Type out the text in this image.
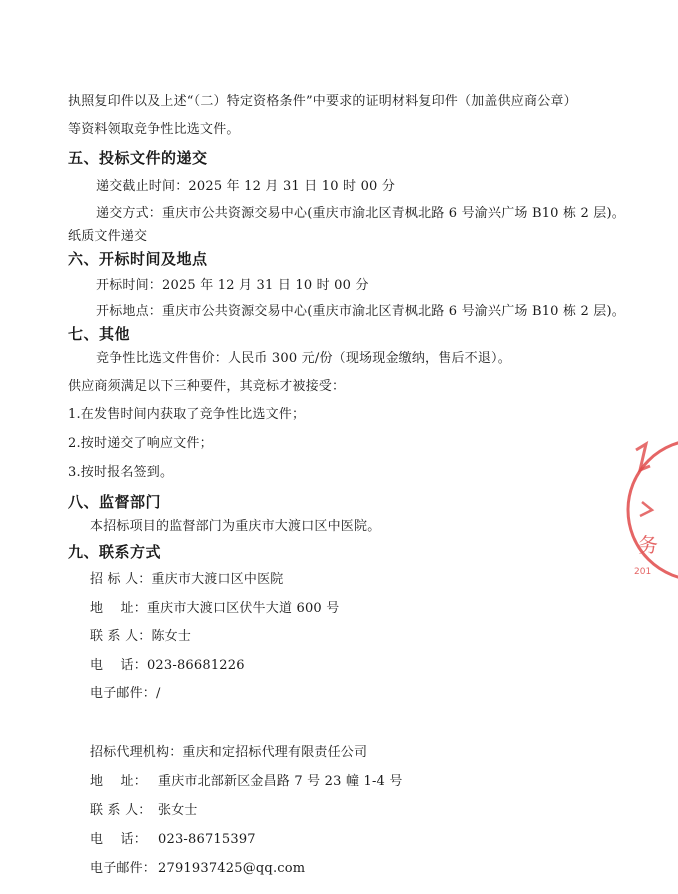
执照复印件以及上述“（二）特定资格条件”中要求的证明材料复印件（加盖供应商公章）
等资料领取竞争性比选文件。
五、投标文件的递交
递交截止时间：2025 年 12 月 31 日 10 时 00 分
递交方式：重庆市公共资源交易中心(重庆市渝北区青枫北路 6 号渝兴广场 B10 栋 2 层)。
纸质文件递交
六、开标时间及地点
开标时间：2025 年 12 月 31 日 10 时 00 分
开标地点：重庆市公共资源交易中心(重庆市渝北区青枫北路 6 号渝兴广场 B10 栋 2 层)。
七、其他
竞争性比选文件售价：人民币 300 元/份（现场现金缴纳，售后不退）。
供应商须满足以下三种要件，其竞标才被接受：
1.在发售时间内获取了竞争性比选文件；
2.按时递交了响应文件；
3.按时报名签到。
八、监督部门
本招标项目的监督部门为重庆市大渡口区中医院。
九、联系方式
招 标 人：重庆市大渡口区中医院
地    址：重庆市大渡口区伏牛大道 600 号
联 系 人：陈女士
电    话：023-86681226
电子邮件：/
招标代理机构：重庆和定招标代理有限责任公司
地    址： 重庆市北部新区金昌路 7 号 23 幢 1-4 号
联 系 人： 张女士
电    话： 023-86715397
电子邮件： 2791937425@qq.com
务
201
